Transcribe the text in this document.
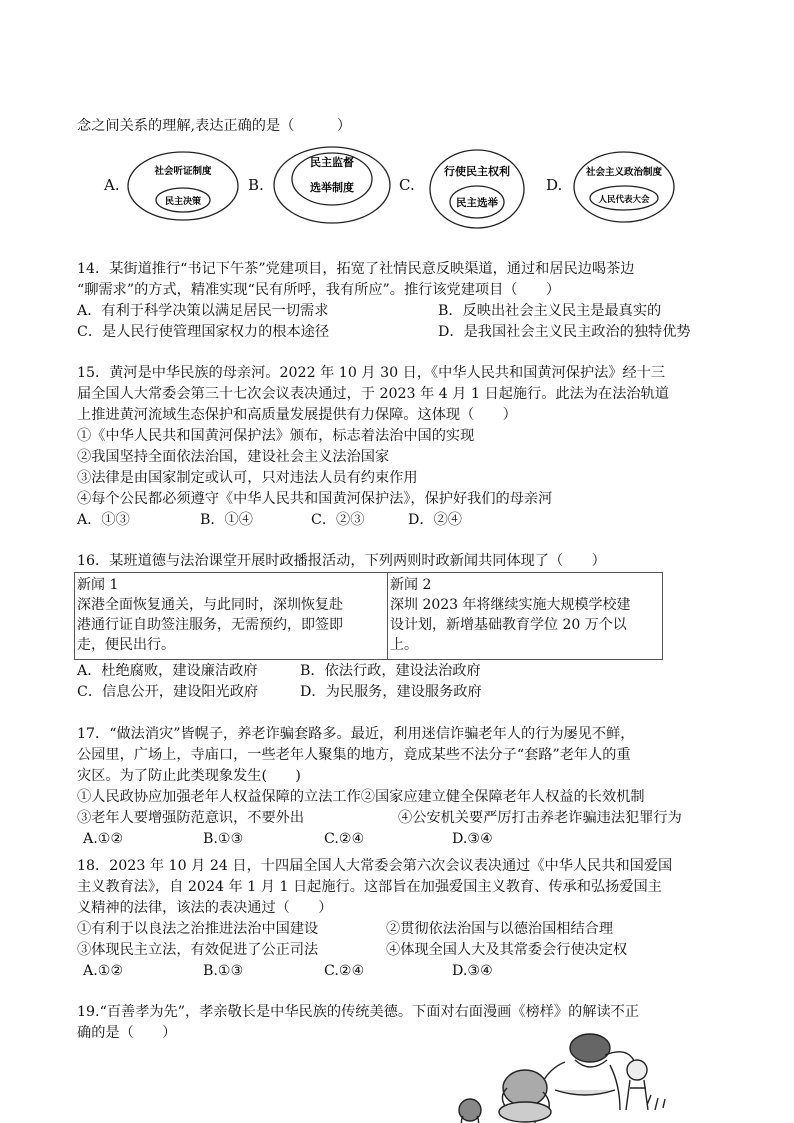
念之间关系的理解,表达正确的是（　　　）
A.
社会听证制度
民主决策
B.
民主监督
选举制度	C.
行使民主权利
民主选举
D.
社会主义政治制度
人民代表大会
14．某街道推行“书记下午茶”党建项目，拓宽了社情民意反映渠道，通过和居民边喝茶边
“聊需求”的方式，精准实现“民有所呼，我有所应”。推行该党建项目（　　）
A．有利于科学决策以满足居民一切需求	B．反映出社会主义民主是最真实的
C．是人民行使管理国家权力的根本途径	D．是我国社会主义民主政治的独特优势
15．黄河是中华民族的母亲河。2022 年 10 月 30 日，《中华人民共和国黄河保护法》经十三
届全国人大常委会第三十七次会议表决通过，于 2023 年 4 月 1 日起施行。此法为在法治轨道
上推进黄河流域生态保护和高质量发展提供有力保障。这体现（　　）
①《中华人民共和国黄河保护法》颁布，标志着法治中国的实现
②我国坚持全面依法治国，建设社会主义法治国家
③法律是由国家制定或认可，只对违法人员有约束作用
④每个公民都必须遵守《中华人民共和国黄河保护法》，保护好我们的母亲河
A．①③	B．①④	C．②③	D．②④
16．某班道德与法治课堂开展时政播报活动，下列两则时政新闻共同体现了（　　）
新闻 1
深港全面恢复通关，与此同时，深圳恢复赴
港通行证自助签注服务，无需预约，即签即
走，便民出行。
新闻 2
深圳 2023 年将继续实施大规模学校建
设计划，新增基础教育学位 20 万个以
上。
A．杜绝腐败，建设廉洁政府	B．依法行政，建设法治政府
C．信息公开，建设阳光政府	D．为民服务，建设服务政府
17．“做法消灾”皆幌子，养老诈骗套路多。最近，利用迷信诈骗老年人的行为屡见不鲜，
公园里，广场上，寺庙口，一些老年人聚集的地方，竟成某些不法分子“套路”老年人的重
灾区。为了防止此类现象发生(　　)
①人民政协应加强老年人权益保障的立法工作②国家应建立健全保障老年人权益的长效机制
③老年人要增强防范意识，不要外出	④公安机关要严厉打击养老诈骗违法犯罪行为
A.①②	B.①③	C.②④	D.③④
18．2023 年 10 月 24 日，十四届全国人大常委会第六次会议表决通过《中华人民共和国爱国
主义教育法》，自 2024 年 1 月 1 日起施行。这部旨在加强爱国主义教育、传承和弘扬爱国主
义精神的法律，该法的表决通过（　　）
①有利于以良法之治推进法治中国建设	②贯彻依法治国与以德治国相结合理
③体现民主立法，有效促进了公正司法	④体现全国人大及其常委会行使决定权
A.①②	B.①③	C.②④	D.③④
19.“百善孝为先”，孝亲敬长是中华民族的传统美德。下面对右面漫画《榜样》的解读不正
确的是（　　）
